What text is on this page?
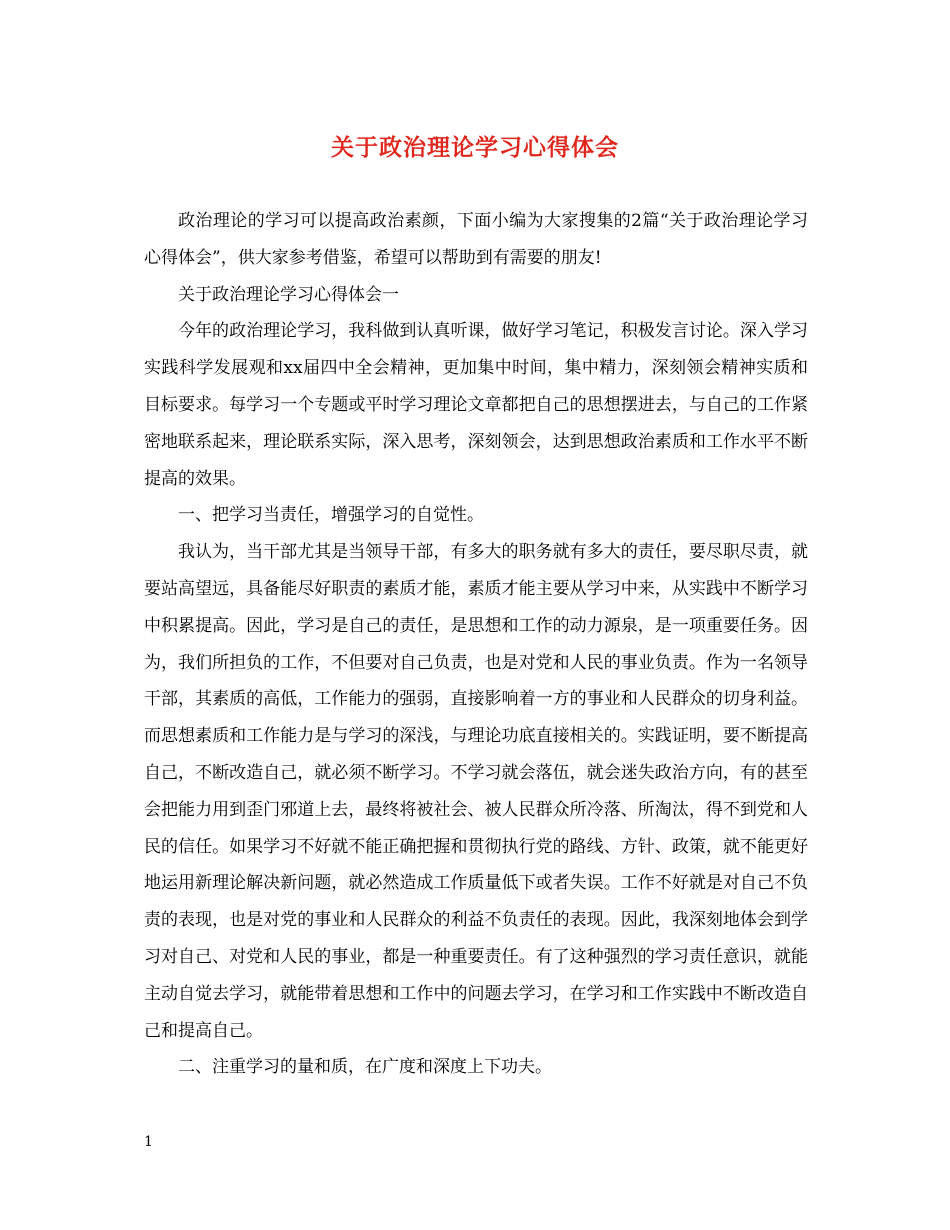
关于政治理论学习心得体会

政治理论的学习可以提高政治素颜，下面小编为大家搜集的2篇“关于政治理论学习心得体会”，供大家参考借鉴，希望可以帮助到有需要的朋友!

关于政治理论学习心得体会一

今年的政治理论学习，我科做到认真听课，做好学习笔记，积极发言讨论。深入学习实践科学发展观和xx届四中全会精神，更加集中时间，集中精力，深刻领会精神实质和目标要求。每学习一个专题或平时学习理论文章都把自己的思想摆进去，与自己的工作紧密地联系起来，理论联系实际，深入思考，深刻领会，达到思想政治素质和工作水平不断提高的效果。

一、把学习当责任，增强学习的自觉性。

我认为，当干部尤其是当领导干部，有多大的职务就有多大的责任，要尽职尽责，就要站高望远，具备能尽好职责的素质才能，素质才能主要从学习中来，从实践中不断学习中积累提高。因此，学习是自己的责任，是思想和工作的动力源泉，是一项重要任务。因为，我们所担负的工作，不但要对自己负责，也是对党和人民的事业负责。作为一名领导干部，其素质的高低，工作能力的强弱，直接影响着一方的事业和人民群众的切身利益。而思想素质和工作能力是与学习的深浅，与理论功底直接相关的。实践证明，要不断提高自己，不断改造自己，就必须不断学习。不学习就会落伍，就会迷失政治方向，有的甚至会把能力用到歪门邪道上去，最终将被社会、被人民群众所冷落、所淘汰，得不到党和人民的信任。如果学习不好就不能正确把握和贯彻执行党的路线、方针、政策，就不能更好地运用新理论解决新问题，就必然造成工作质量低下或者失误。工作不好就是对自己不负责的表现，也是对党的事业和人民群众的利益不负责任的表现。因此，我深刻地体会到学习对自己、对党和人民的事业，都是一种重要责任。有了这种强烈的学习责任意识，就能主动自觉去学习，就能带着思想和工作中的问题去学习，在学习和工作实践中不断改造自己和提高自己。

二、注重学习的量和质，在广度和深度上下功夫。

1
